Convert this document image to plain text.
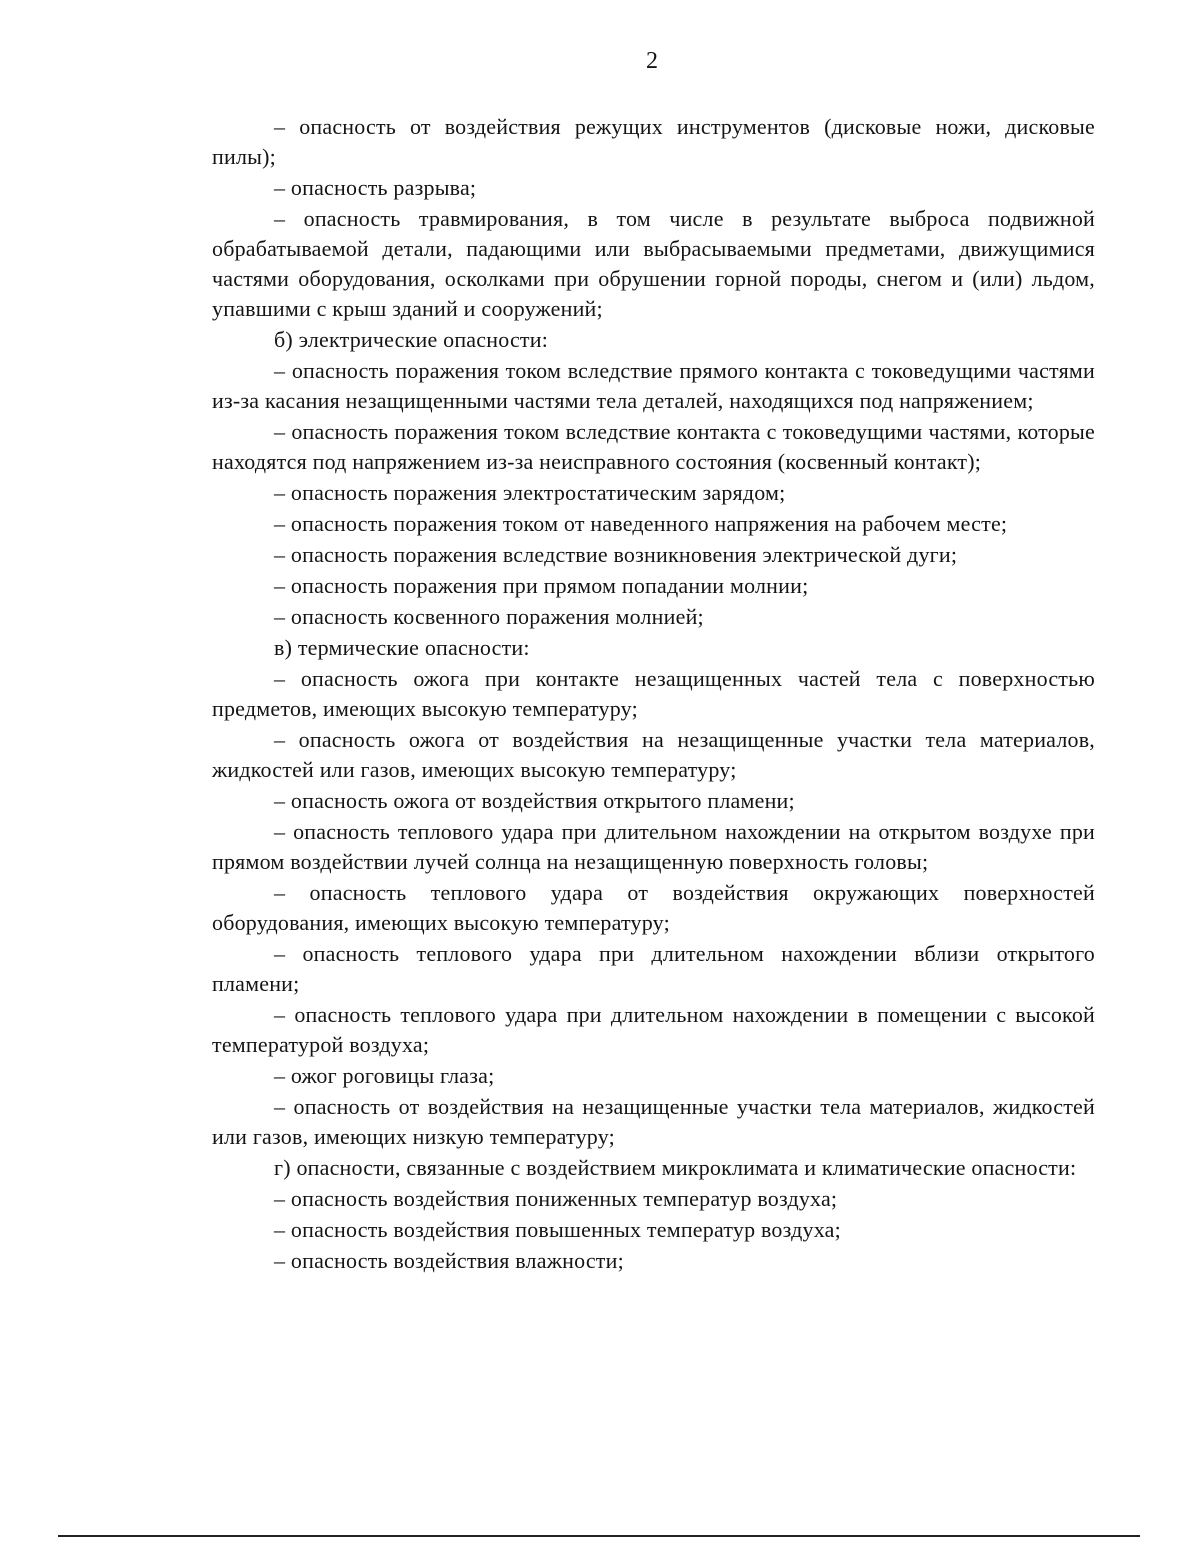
2

– опасность от воздействия режущих инструментов (дисковые ножи, дисковые пилы);

– опасность разрыва;

– опасность травмирования, в том числе в результате выброса подвижной обрабатываемой детали, падающими или выбрасываемыми предметами, движущимися частями оборудования, осколками при обрушении горной породы, снегом и (или) льдом, упавшими с крыш зданий и сооружений;

б) электрические опасности:

– опасность поражения током вследствие прямого контакта с токоведущими частями из-за касания незащищенными частями тела деталей, находящихся под напряжением;

– опасность поражения током вследствие контакта с токоведущими частями, которые находятся под напряжением из-за неисправного состояния (косвенный контакт);

– опасность поражения электростатическим зарядом;

– опасность поражения током от наведенного напряжения на рабочем месте;

– опасность поражения вследствие возникновения электрической дуги;

– опасность поражения при прямом попадании молнии;

– опасность косвенного поражения молнией;

в) термические опасности:

– опасность ожога при контакте незащищенных частей тела с поверхностью предметов, имеющих высокую температуру;

– опасность ожога от воздействия на незащищенные участки тела материалов, жидкостей или газов, имеющих высокую температуру;

– опасность ожога от воздействия открытого пламени;

– опасность теплового удара при длительном нахождении на открытом воздухе при прямом воздействии лучей солнца на незащищенную поверхность головы;

– опасность теплового удара от воздействия окружающих поверхностей оборудования, имеющих высокую температуру;

– опасность теплового удара при длительном нахождении вблизи открытого пламени;

– опасность теплового удара при длительном нахождении в помещении с высокой температурой воздуха;

– ожог роговицы глаза;

– опасность от воздействия на незащищенные участки тела материалов, жидкостей или газов, имеющих низкую температуру;

г) опасности, связанные с воздействием микроклимата и климатические опасности:

– опасность воздействия пониженных температур воздуха;

– опасность воздействия повышенных температур воздуха;

– опасность воздействия влажности;
